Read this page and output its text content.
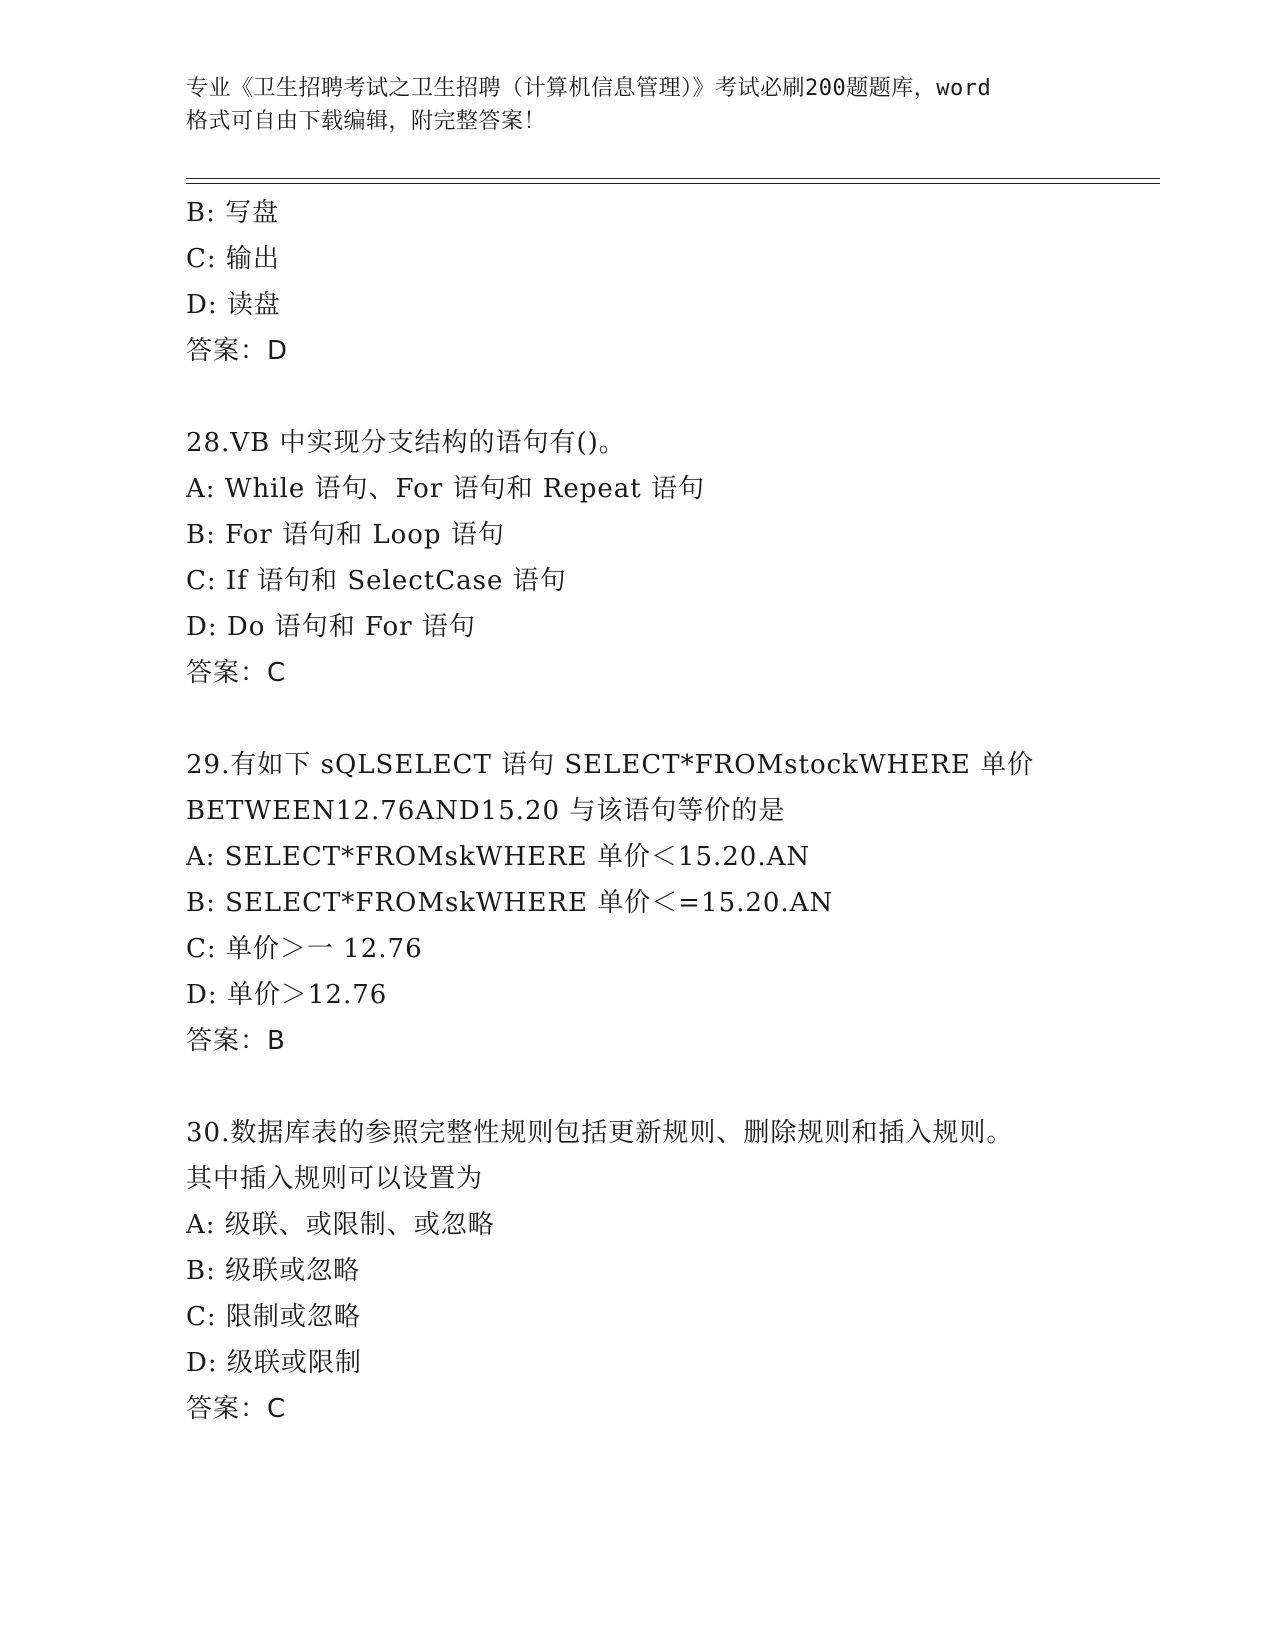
专业《卫生招聘考试之卫生招聘（计算机信息管理）》考试必刷200题题库，word
格式可自由下载编辑，附完整答案！
B: 写盘
C: 输出
D: 读盘
答案：D
28.VB 中实现分支结构的语句有()。
A: While 语句、For 语句和 Repeat 语句
B: For 语句和 Loop 语句
C: If 语句和 SelectCase 语句
D: Do 语句和 For 语句
答案：C
29.有如下 sQLSELECT 语句 SELECT*FROMstockWHERE 单价
BETWEEN12.76AND15.20 与该语句等价的是
A: SELECT*FROMskWHERE 单价＜15.20.AN
B: SELECT*FROMskWHERE 单价＜=15.20.AN
C: 单价＞一 12.76
D: 单价＞12.76
答案：B
30.数据库表的参照完整性规则包括更新规则、删除规则和插入规则。
其中插入规则可以设置为
A: 级联、或限制、或忽略
B: 级联或忽略
C: 限制或忽略
D: 级联或限制
答案：C
